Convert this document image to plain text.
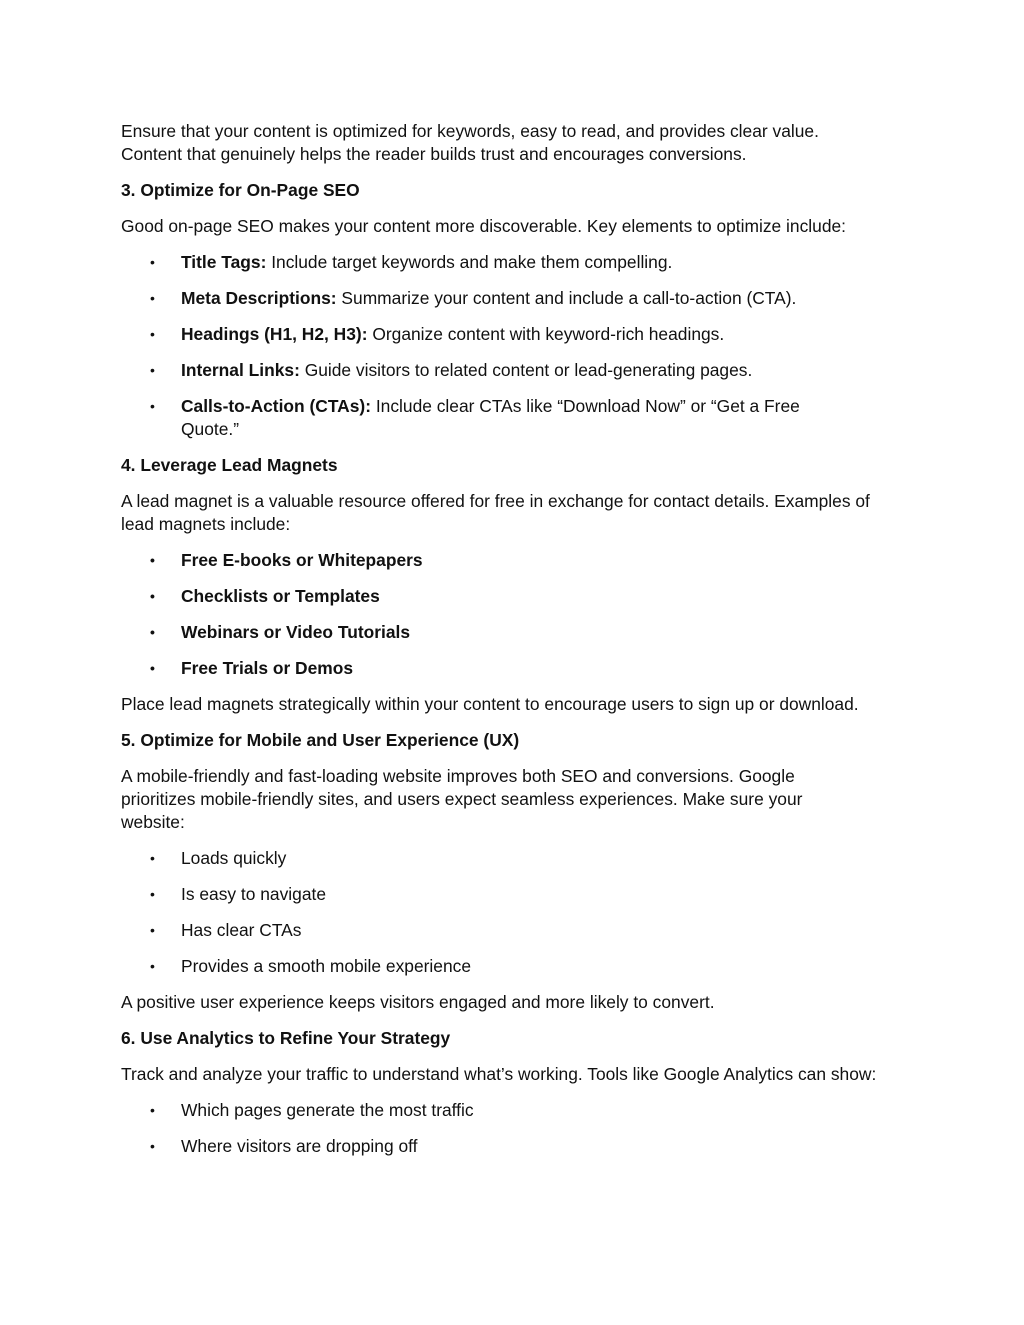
Ensure that your content is optimized for keywords, easy to read, and provides clear value. Content that genuinely helps the reader builds trust and encourages conversions.

3. Optimize for On-Page SEO

Good on-page SEO makes your content more discoverable. Key elements to optimize include:

• Title Tags: Include target keywords and make them compelling.
• Meta Descriptions: Summarize your content and include a call-to-action (CTA).
• Headings (H1, H2, H3): Organize content with keyword-rich headings.
• Internal Links: Guide visitors to related content or lead-generating pages.
• Calls-to-Action (CTAs): Include clear CTAs like “Download Now” or “Get a Free Quote.”

4. Leverage Lead Magnets

A lead magnet is a valuable resource offered for free in exchange for contact details. Examples of lead magnets include:

• Free E-books or Whitepapers
• Checklists or Templates
• Webinars or Video Tutorials
• Free Trials or Demos

Place lead magnets strategically within your content to encourage users to sign up or download.

5. Optimize for Mobile and User Experience (UX)

A mobile-friendly and fast-loading website improves both SEO and conversions. Google prioritizes mobile-friendly sites, and users expect seamless experiences. Make sure your website:

• Loads quickly
• Is easy to navigate
• Has clear CTAs
• Provides a smooth mobile experience

A positive user experience keeps visitors engaged and more likely to convert.

6. Use Analytics to Refine Your Strategy

Track and analyze your traffic to understand what’s working. Tools like Google Analytics can show:

• Which pages generate the most traffic
• Where visitors are dropping off
